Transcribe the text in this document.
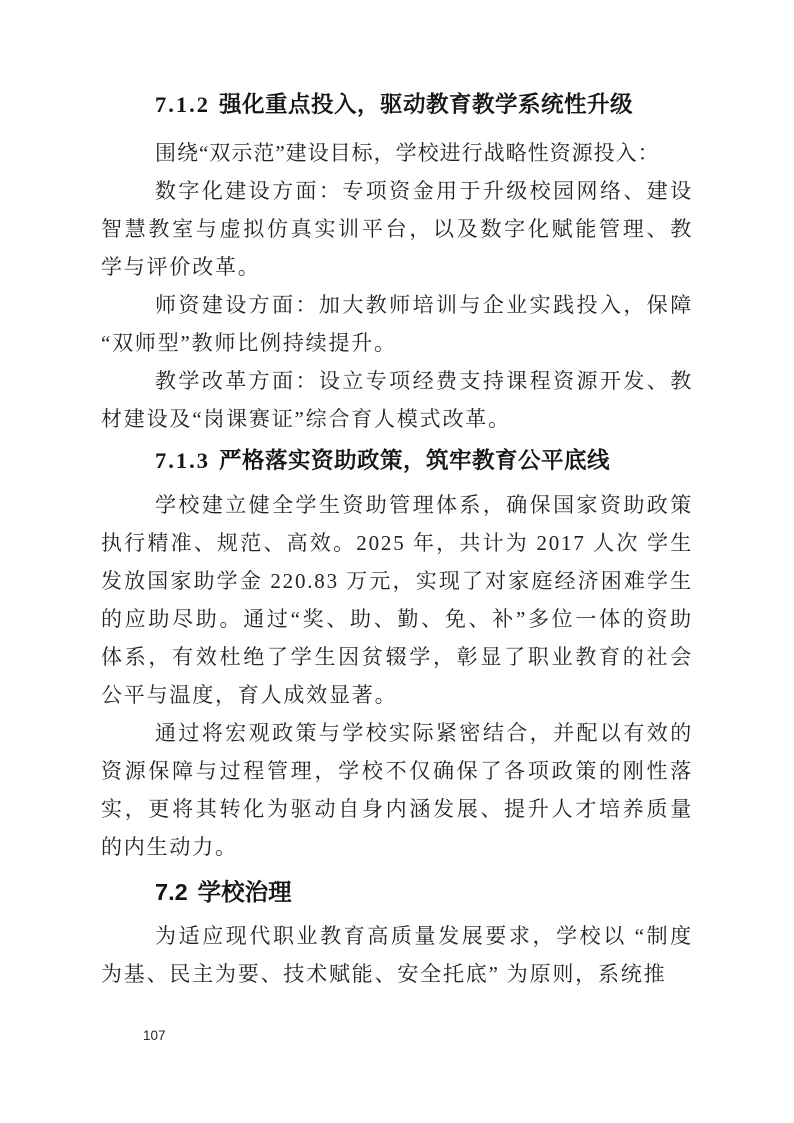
7.1.2 强化重点投入，驱动教育教学系统性升级

围绕“双示范”建设目标，学校进行战略性资源投入：

数字化建设方面：专项资金用于升级校园网络、建设智慧教室与虚拟仿真实训平台，以及数字化赋能管理、教学与评价改革。

师资建设方面：加大教师培训与企业实践投入，保障“双师型”教师比例持续提升。

教学改革方面：设立专项经费支持课程资源开发、教材建设及“岗课赛证”综合育人模式改革。

7.1.3 严格落实资助政策，筑牢教育公平底线

学校建立健全学生资助管理体系，确保国家资助政策执行精准、规范、高效。2025 年，共计为 2017 人次 学生发放国家助学金 220.83 万元，实现了对家庭经济困难学生的应助尽助。通过“奖、助、勤、免、补”多位一体的资助体系，有效杜绝了学生因贫辍学，彰显了职业教育的社会公平与温度，育人成效显著。

通过将宏观政策与学校实际紧密结合，并配以有效的资源保障与过程管理，学校不仅确保了各项政策的刚性落实，更将其转化为驱动自身内涵发展、提升人才培养质量的内生动力。

7.2 学校治理

为适应现代职业教育高质量发展要求，学校以 “制度为基、民主为要、技术赋能、安全托底” 为原则，系统推

107
